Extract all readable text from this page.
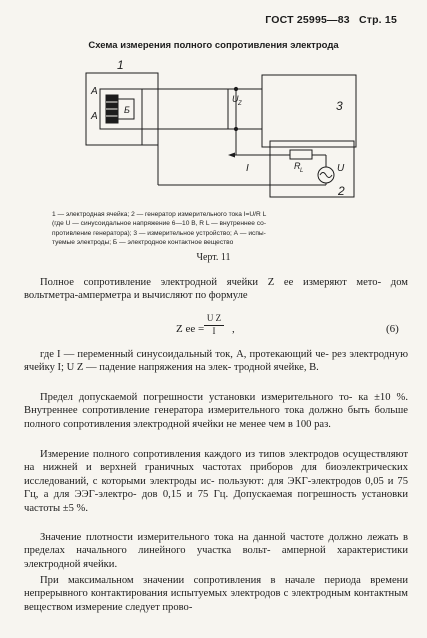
ГОСТ 25995—83 Стр. 15
Схема измерения полного сопротивления электрода
1
А
А
Б
U Z	3
I	R L	U
2

1 — электродная ячейка; 2 — генератор измерительного тока I=U/R L

(где U — синусоидальное напряжение 6—10 В, R L — внутреннее со-

противление генератора); 3 — измерительное устройство; А — испы-

туемые электроды; Б — электродное контактное вещество

Черт. 11

Полное сопротивление электродной ячейки Z ee измеряют мето- дом вольтметра-амперметра и вычисляют по формуле

Z ee = $\frac{\text{U Z}}{I}$ ,	(6)

где I — переменный синусоидальный ток, А, протекающий че- рез электродную ячейку I; U Z — падение напряжения на элек- тродной ячейке, В.

Предел допускаемой погрешности установки измерительного то- ка ±10 %. Внутреннее сопротивление генератора измерительного тока должно быть больше полного сопротивления электродной ячейки не менее чем в 100 раз.

Измерение полного сопротивления каждого из типов электродов осуществляют на нижней и верхней граничных частотах приборов для биоэлектрических исследований, с которыми электроды ис- пользуют: для ЭКГ-электродов 0,05 и 75 Гц, а для ЭЭГ-электро- дов 0,15 и 75 Гц. Допускаемая погрешность установки частоты ±5 %.

Значение плотности измерительного тока на данной частоте должно лежать в пределах начального линейного участка вольт- амперной характеристики электродной ячейки.

При максимальном значении сопротивления в начале периода времени непрерывного контактирования испытуемых электродов с электродным контактным веществом измерение следует прово-
